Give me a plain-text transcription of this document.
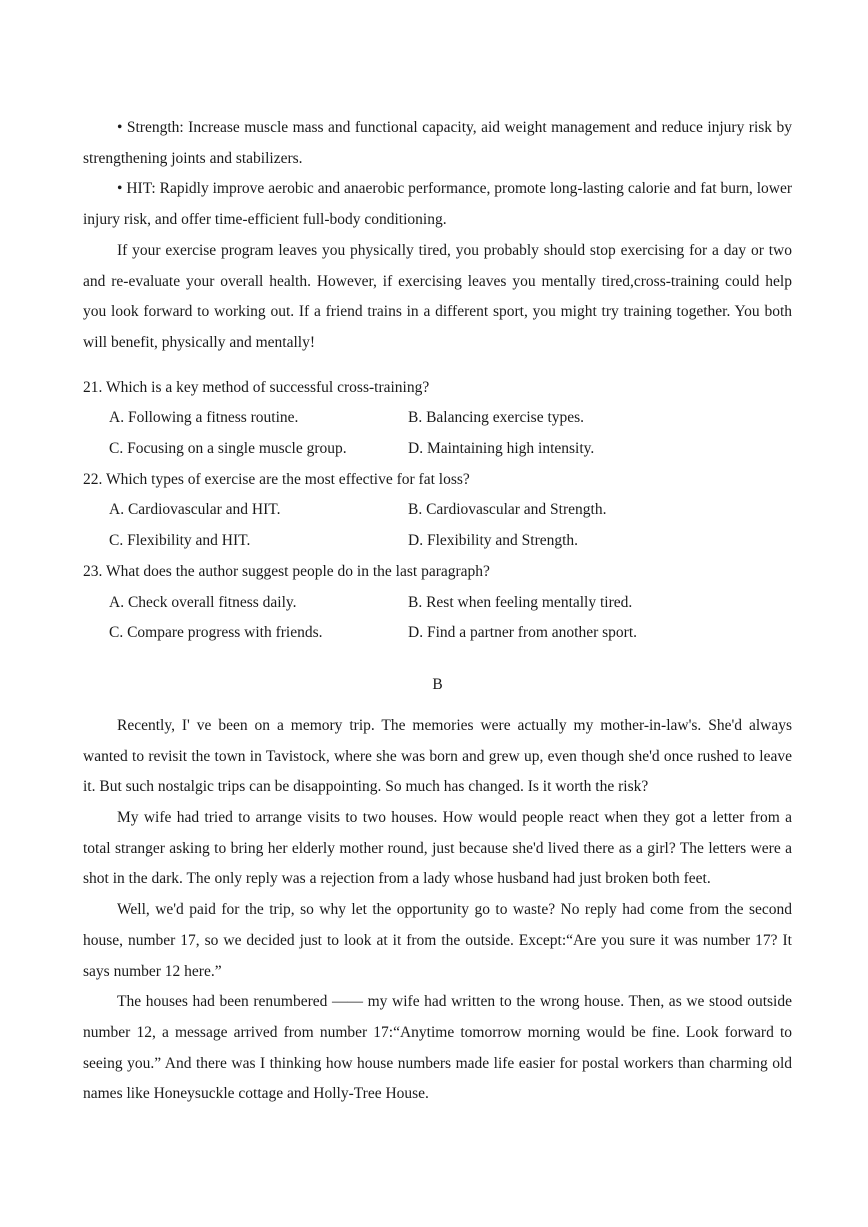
• Strength: Increase muscle mass and functional capacity, aid weight management and reduce injury risk by strengthening joints and stabilizers.

• HIT: Rapidly improve aerobic and anaerobic performance, promote long-lasting calorie and fat burn, lower injury risk, and offer time-efficient full-body conditioning.

If your exercise program leaves you physically tired, you probably should stop exercising for a day or two and re-evaluate your overall health. However, if exercising leaves you mentally tired,cross-training could help you look forward to working out. If a friend trains in a different sport, you might try training together. You both will benefit, physically and mentally!

21. Which is a key method of successful cross-training?

A. Following a fitness routine.	B. Balancing exercise types.
C. Focusing on a single muscle group.	D. Maintaining high intensity.

22. Which types of exercise are the most effective for fat loss?

A. Cardiovascular and HIT.	B. Cardiovascular and Strength.
C. Flexibility and HIT.	D. Flexibility and Strength.

23. What does the author suggest people do in the last paragraph?

A. Check overall fitness daily.	B. Rest when feeling mentally tired.
C. Compare progress with friends.	D. Find a partner from another sport.
B

Recently, I' ve been on a memory trip. The memories were actually my mother-in-law's. She'd always wanted to revisit the town in Tavistock, where she was born and grew up, even though she'd once rushed to leave it. But such nostalgic trips can be disappointing. So much has changed. Is it worth the risk?

My wife had tried to arrange visits to two houses. How would people react when they got a letter from a total stranger asking to bring her elderly mother round, just because she'd lived there as a girl? The letters were a shot in the dark. The only reply was a rejection from a lady whose husband had just broken both feet.

Well, we'd paid for the trip, so why let the opportunity go to waste? No reply had come from the second house, number 17, so we decided just to look at it from the outside. Except:“Are you sure it was number 17? It says number 12 here.”

The houses had been renumbered —— my wife had written to the wrong house. Then, as we stood outside number 12, a message arrived from number 17:“Anytime tomorrow morning would be fine. Look forward to seeing you.” And there was I thinking how house numbers made life easier for postal workers than charming old names like Honeysuckle cottage and Holly-Tree House.
